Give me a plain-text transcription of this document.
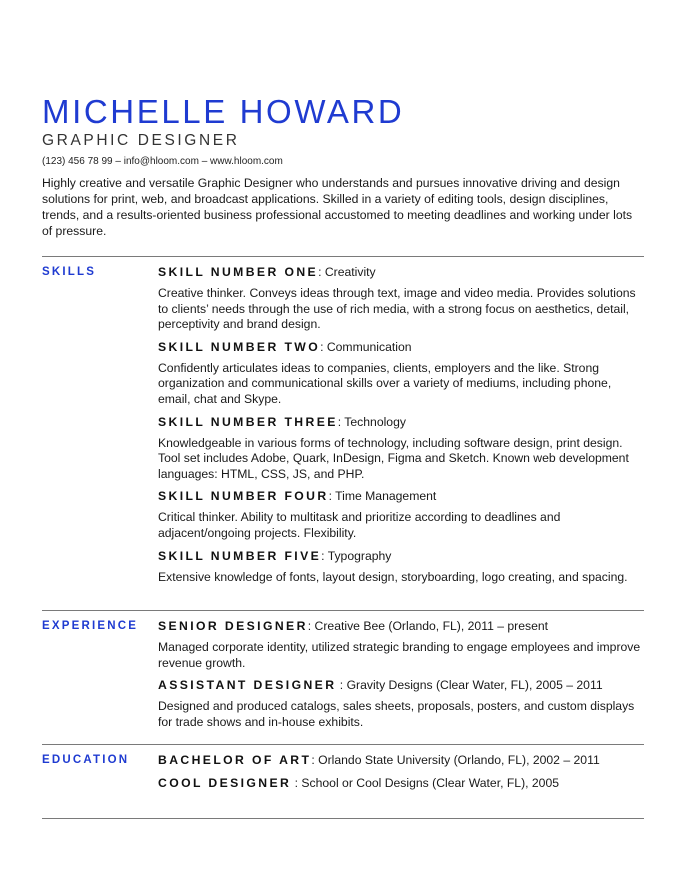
MICHELLE HOWARD
GRAPHIC DESIGNER
(123) 456 78 99 – info@hloom.com – www.hloom.com
Highly creative and versatile Graphic Designer who understands and pursues innovative driving and design solutions for print, web, and broadcast applications. Skilled in a variety of editing tools, design disciplines, trends, and a results-oriented business professional accustomed to meeting deadlines and working under lots of pressure.
SKILLS	SKILL NUMBER ONE: Creativity

Creative thinker. Conveys ideas through text, image and video media. Provides solutions to clients’ needs through the use of rich media, with a strong focus on aesthetics, detail, perceptivity and brand design.

SKILL NUMBER TWO: Communication

Confidently articulates ideas to companies, clients, employers and the like. Strong organization and communicational skills over a variety of mediums, including phone, email, chat and Skype.

SKILL NUMBER THREE: Technology

Knowledgeable in various forms of technology, including software design, print design. Tool set includes Adobe, Quark, InDesign, Figma and Sketch. Known web development languages: HTML, CSS, JS, and PHP.

SKILL NUMBER FOUR: Time Management

Critical thinker. Ability to multitask and prioritize according to deadlines and adjacent/ongoing projects. Flexibility.

SKILL NUMBER FIVE: Typography

Extensive knowledge of fonts, layout design, storyboarding, logo creating, and spacing.

EXPERIENCE SENIOR DESIGNER: Creative Bee (Orlando, FL), 2011 – present

Managed corporate identity, utilized strategic branding to engage employees and improve revenue growth.

ASSISTANT DESIGNER : Gravity Designs (Clear Water, FL), 2005 – 2011

Designed and produced catalogs, sales sheets, proposals, posters, and custom displays for trade shows and in-house exhibits.

EDUCATION BACHELOR OF ART: Orlando State University (Orlando, FL), 2002 – 2011

COOL DESIGNER : School or Cool Designs (Clear Water, FL), 2005
